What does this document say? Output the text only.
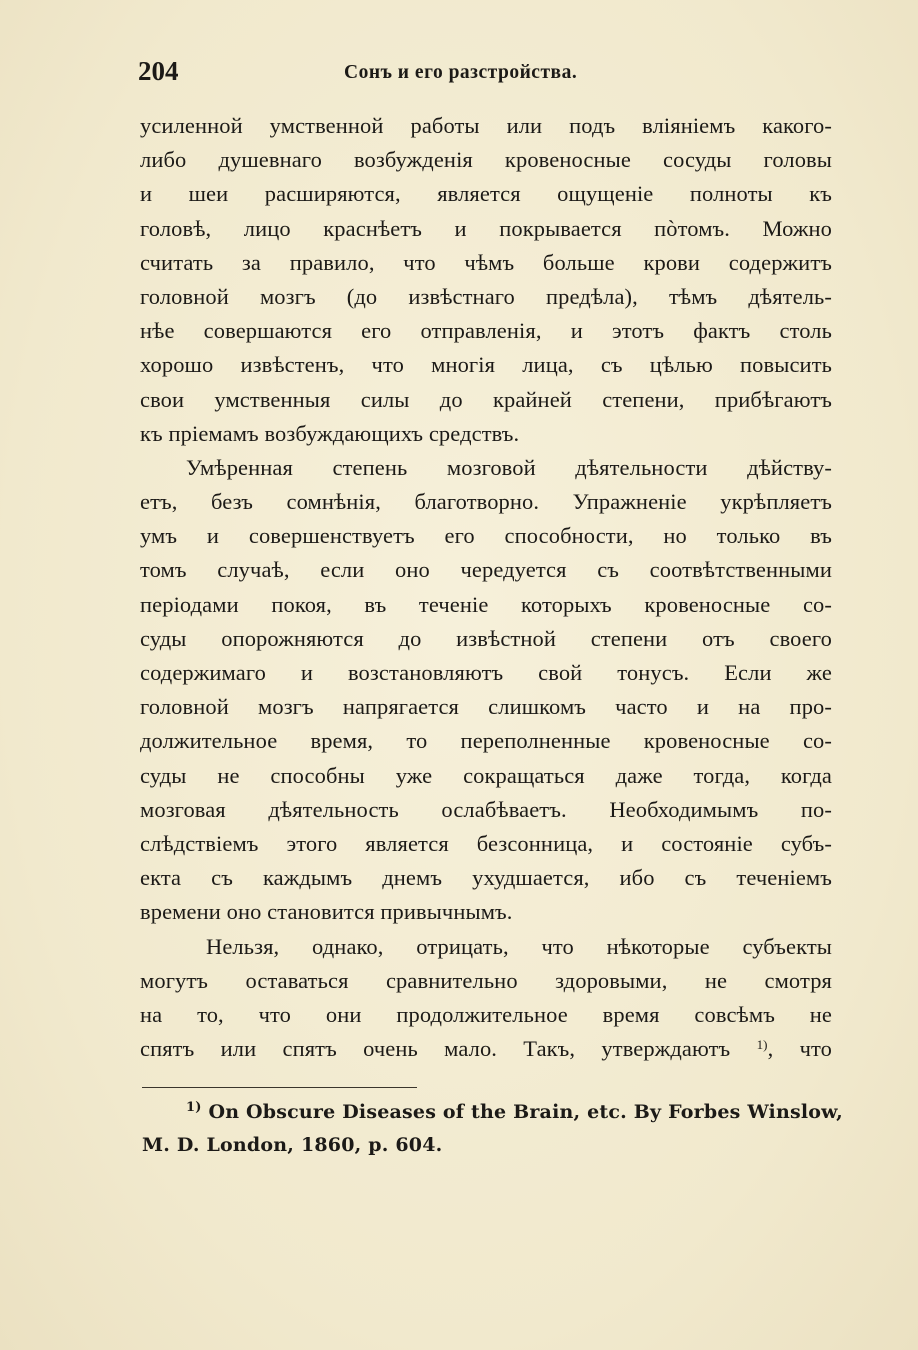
204	Сонъ и его разстройства.
усиленной умственной работы или подъ вліяніемъ какого-
либо душевнаго возбужденія кровеносные сосуды головы
и шеи расширяются, является ощущеніе полноты къ
головѣ, лицо краснѣетъ и покрывается пòтомъ. Можно
считать за правило, что чѣмъ больше крови содержитъ
головной мозгъ (до извѣстнаго предѣла), тѣмъ дѣятель-
нѣе совершаются его отправленія, и этотъ фактъ столь
хорошо извѣстенъ, что многія лица, съ цѣлью повысить
свои умственныя силы до крайней степени, прибѣгаютъ
къ пріемамъ возбуждающихъ средствъ.
Умѣренная степень мозговой дѣятельности дѣйству-
етъ, безъ сомнѣнія, благотворно. Упражненіе укрѣпляетъ
умъ и совершенствуетъ его способности, но только въ
томъ случаѣ, если оно чередуется съ соотвѣтственными
періодами покоя, въ теченіе которыхъ кровеносные со-
суды опорожняются до извѣстной степени отъ своего
содержимаго и возстановляютъ свой тонусъ. Если же
головной мозгъ напрягается слишкомъ часто и на про-
должительное время, то переполненные кровеносные со-
суды не способны уже сокращаться даже тогда, когда
мозговая дѣятельность ослабѣваетъ. Необходимымъ по-
слѣдствіемъ этого является безсонница, и состояніе субъ-
екта съ каждымъ днемъ ухудшается, ибо съ теченіемъ
времени оно становится привычнымъ.
Нельзя, однако, отрицать, что нѣкоторые субъекты
могутъ оставаться сравнительно здоровыми, не смотря
на то, что они продолжительное время совсѣмъ не
спятъ или спятъ очень мало. Такъ, утверждаютъ $^{1)}$, что
$^{1)}$ On Obscure Diseases of the Brain, etc. By Forbes Winslow,
M. D. London, 1860, p. 604.
